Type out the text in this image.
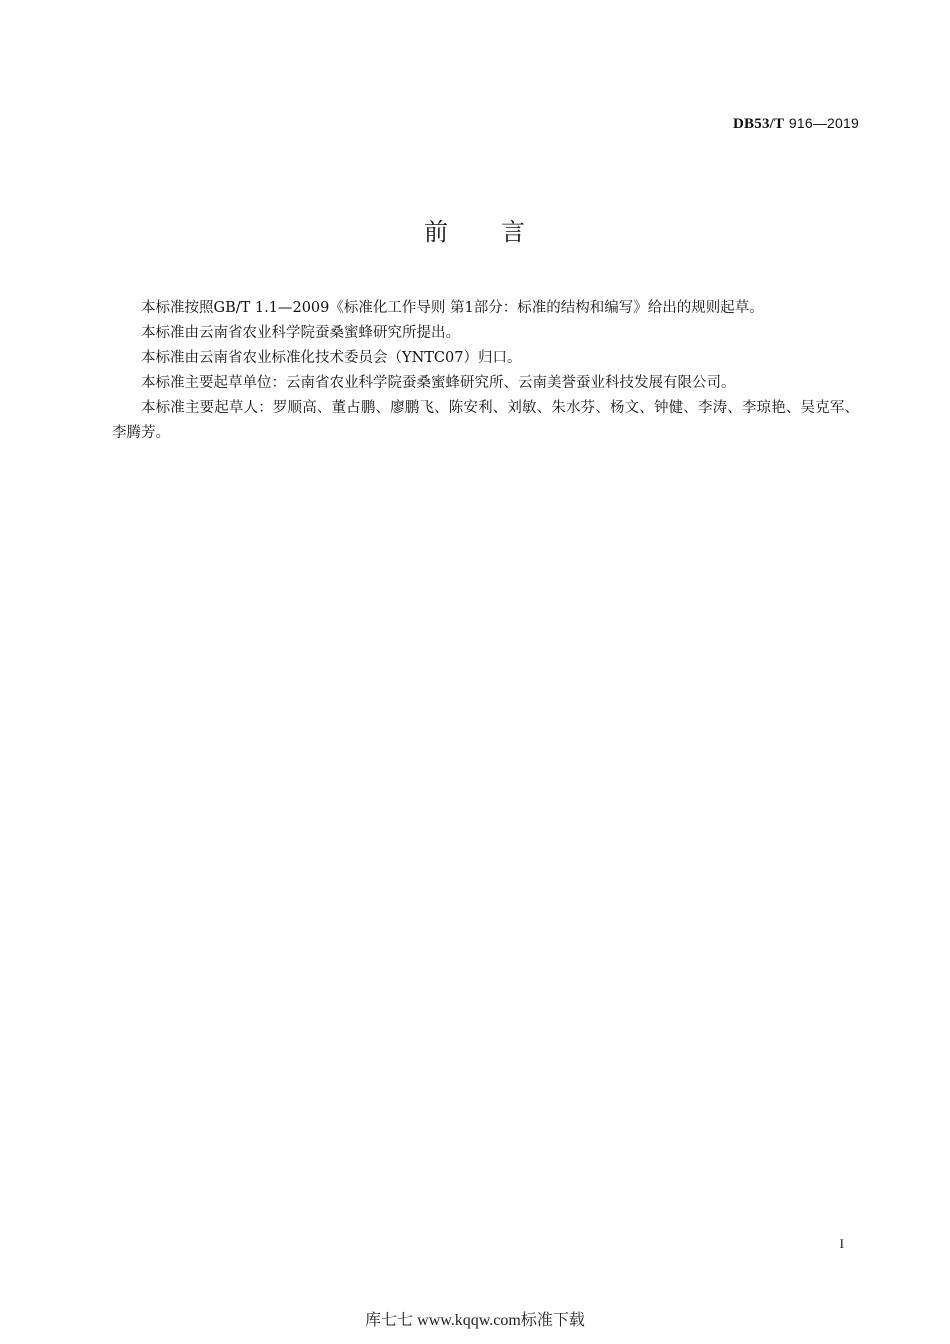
DB53/T 916—2019
前 言

本标准按照GB/T 1.1—2009《标准化工作导则 第1部分：标准的结构和编写》给出的规则起草。

本标准由云南省农业科学院蚕桑蜜蜂研究所提出。

本标准由云南省农业标准化技术委员会（YNTC07）归口。

本标准主要起草单位：云南省农业科学院蚕桑蜜蜂研究所、云南美誉蚕业科技发展有限公司。

本标准主要起草人：罗顺高、董占鹏、廖鹏飞、陈安利、刘敏、朱水芬、杨文、钟健、李涛、李琼艳、吴克军、李腾芳。

I
库七七 www.kqqw.com标准下载
